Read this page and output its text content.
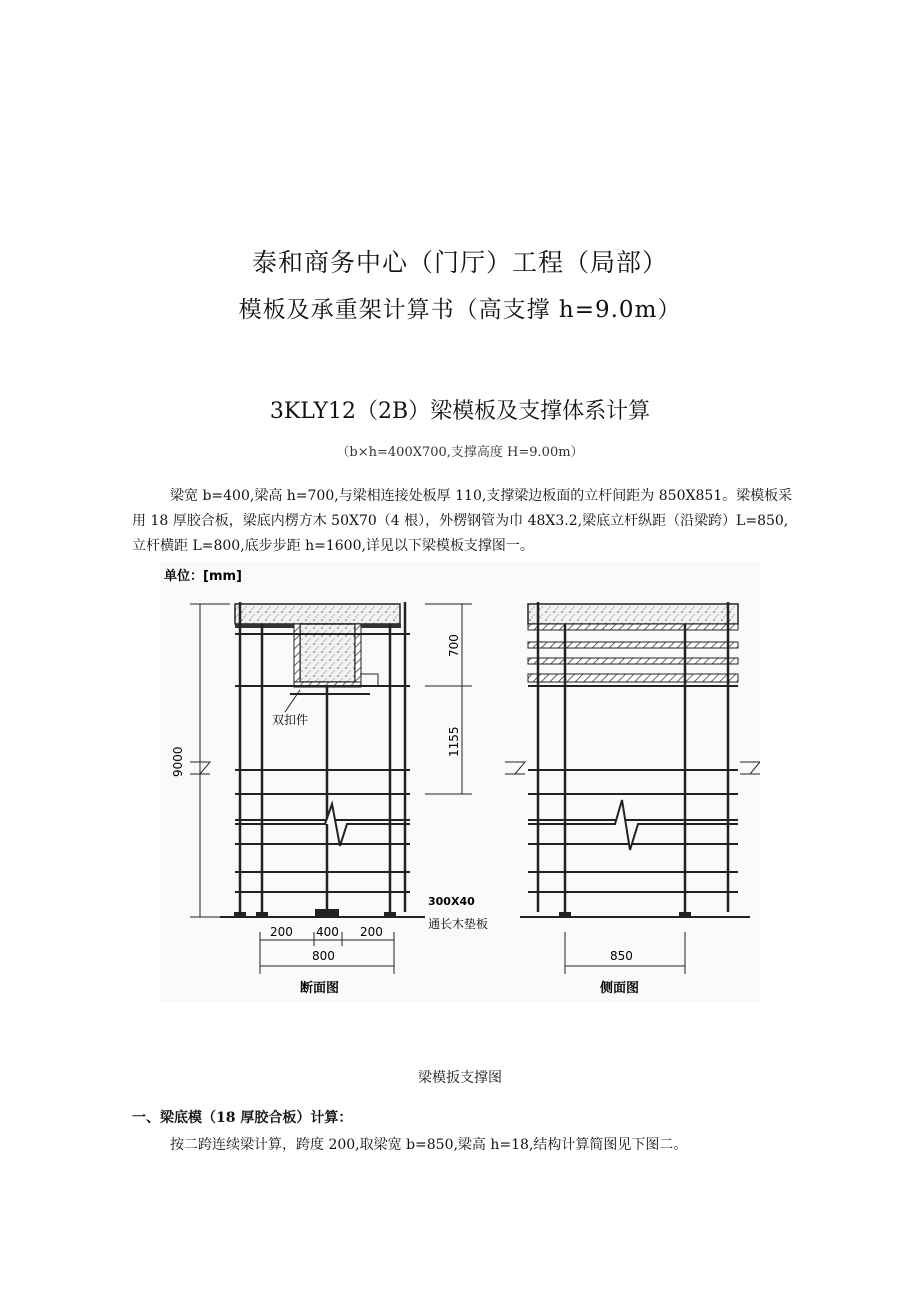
泰和商务中心（门厅）工程（局部）
模板及承重架计算书（高支撑 h=9.0m）
3KLY12（2B）梁模板及支撑体系计算
（b×h=400X700,支撑高度 H=9.00m）
梁宽 b=400,梁高 h=700,与梁相连接处板厚 110,支撑梁边板面的立杆间距为 850X851。梁模板采用 18 厚胶合板，梁底内楞方木 50X70（4 根），外楞钢管为巾 48X3.2,梁底立杆纵距（沿梁跨）L=850,立杆横距 L=800,底步步距 h=1600,详见以下梁模板支撑图一。
单位：[mm]
双扣件
9000
200 400 200
800
断面图
700
1155
300X40
通长木垫板
850
侧面图
梁模扳支撑图
一、梁底模（18 厚胶合板）计算：
按二跨连续梁计算，跨度 200,取梁宽 b=850,梁高 h=18,结构计算简图见下图二。
